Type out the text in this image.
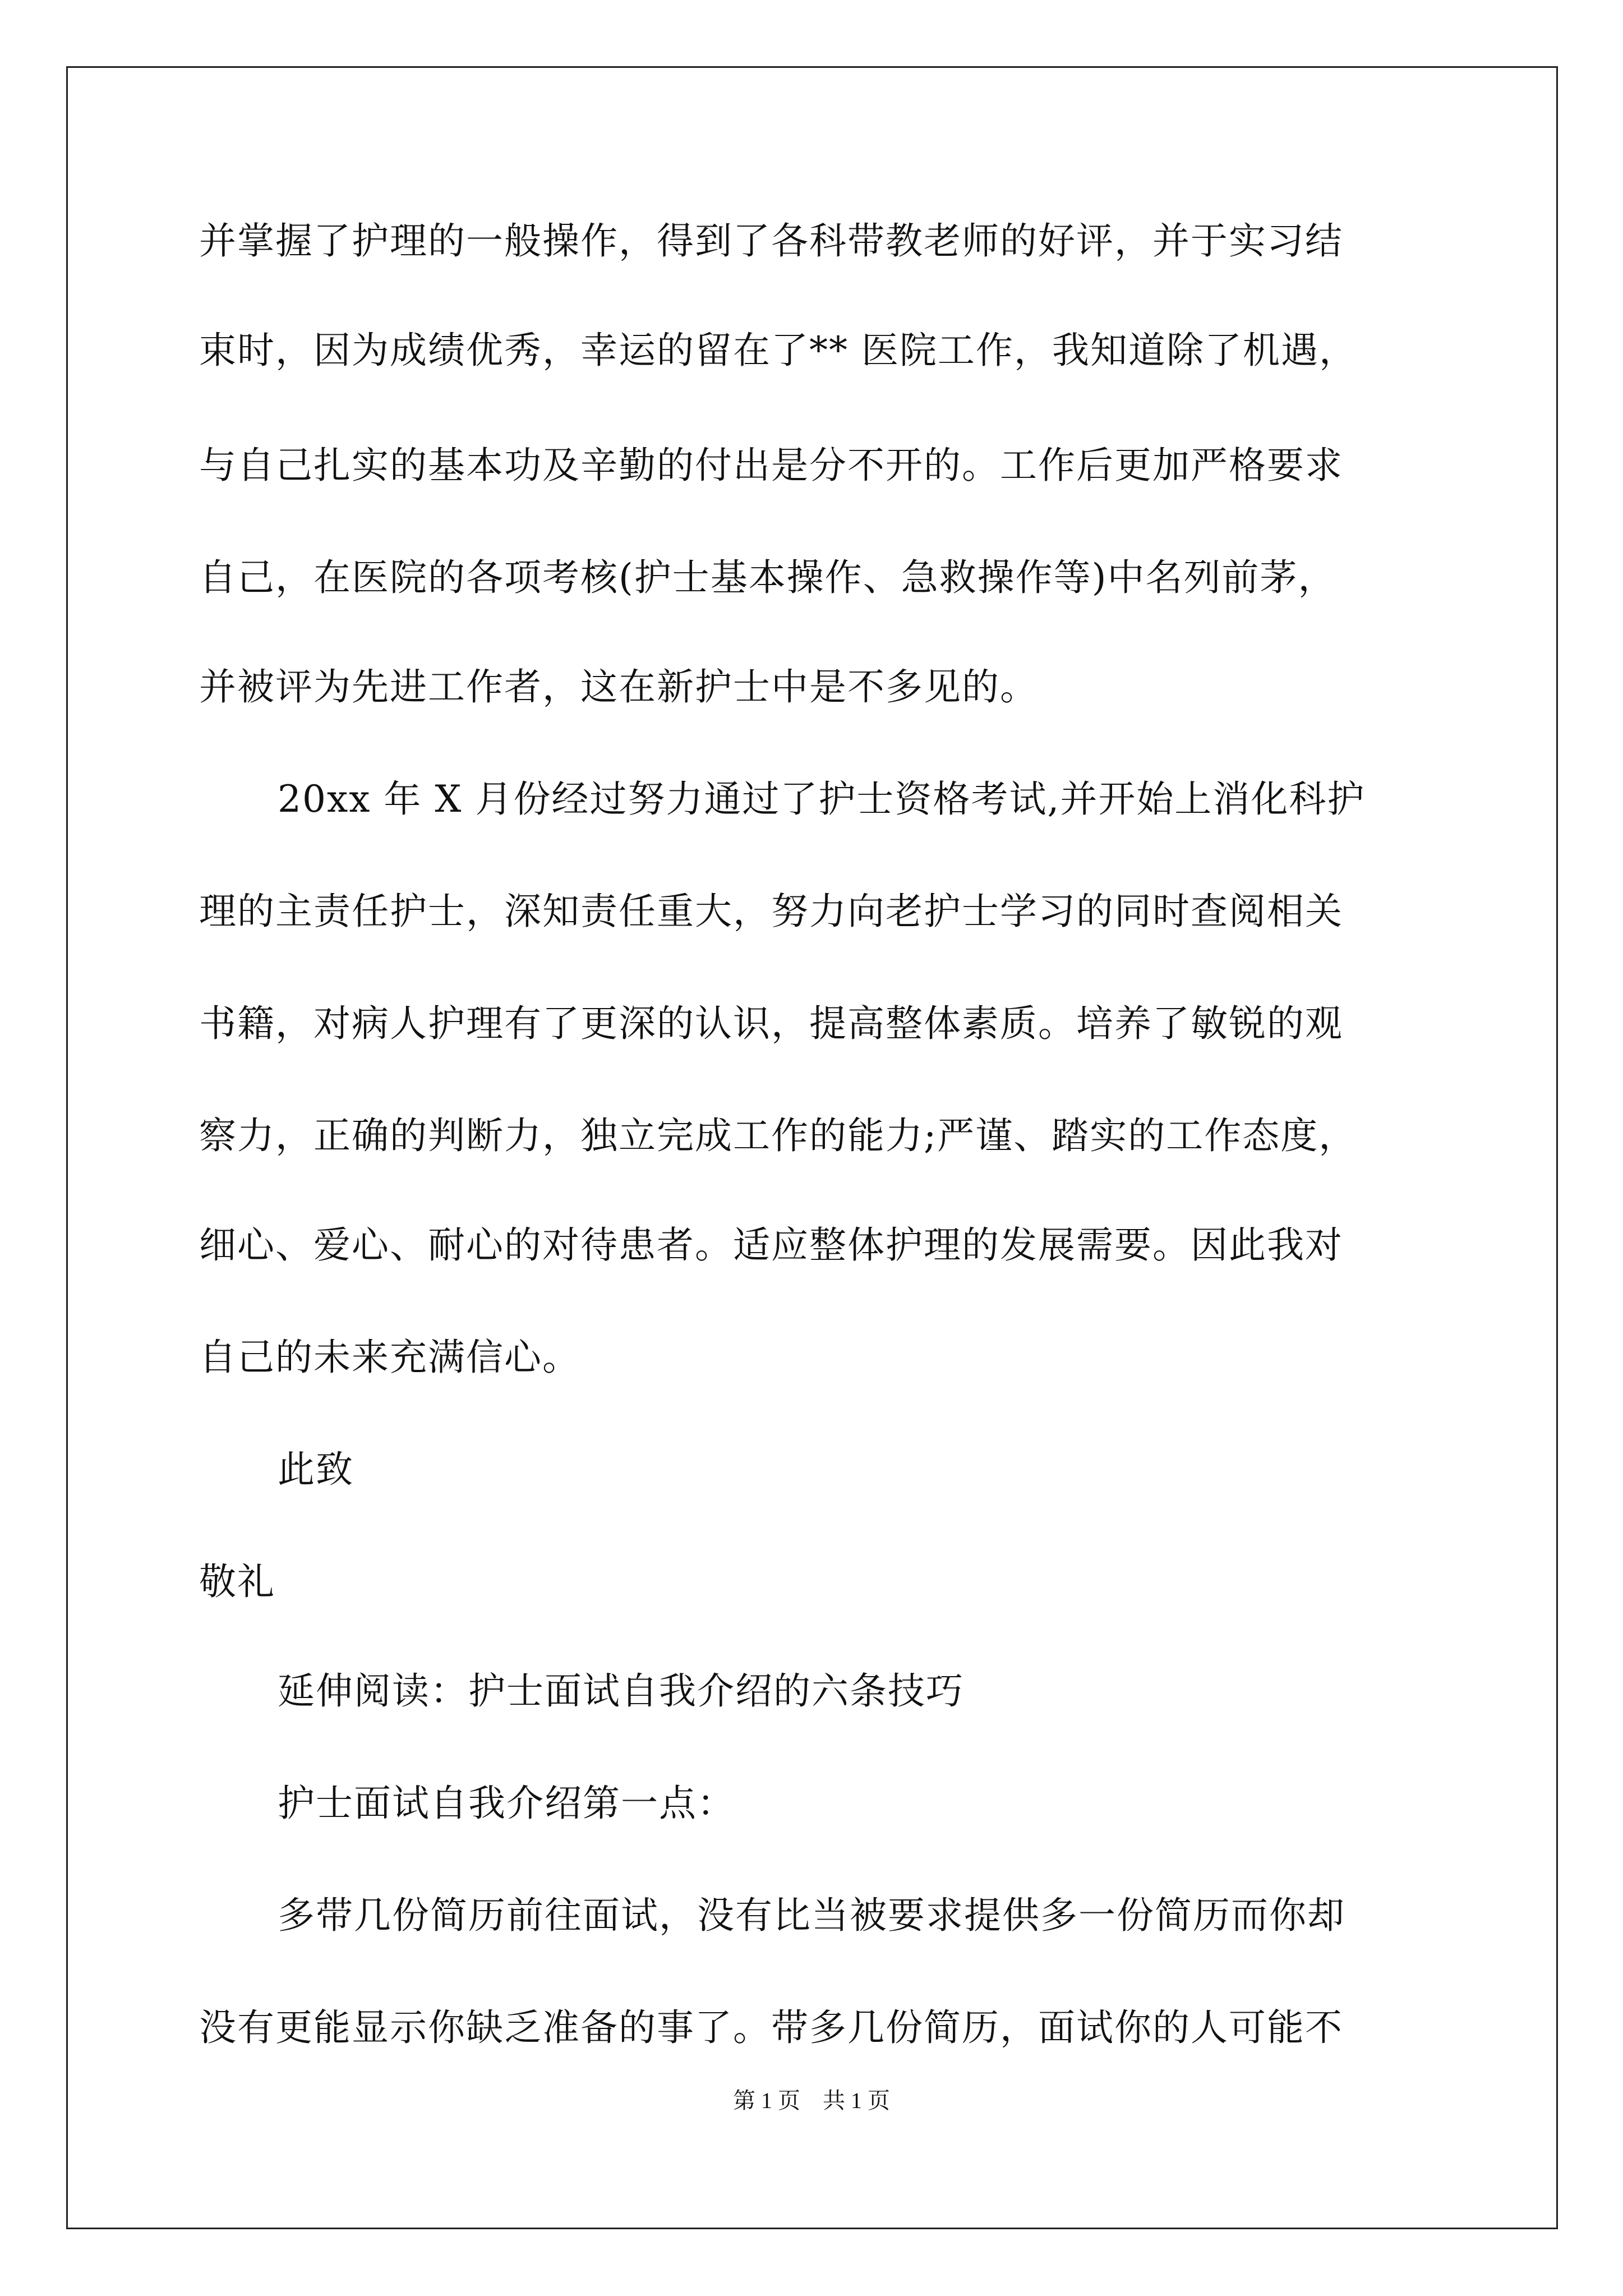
并掌握了护理的一般操作，得到了各科带教老师的好评，并于实习结
束时，因为成绩优秀，幸运的留在了** 医院工作，我知道除了机遇，
与自己扎实的基本功及辛勤的付出是分不开的。工作后更加严格要求
自己，在医院的各项考核(护士基本操作、急救操作等)中名列前茅，
并被评为先进工作者，这在新护士中是不多见的。
20xx 年 X 月份经过努力通过了护士资格考试,并开始上消化科护
理的主责任护士，深知责任重大，努力向老护士学习的同时查阅相关
书籍，对病人护理有了更深的认识，提高整体素质。培养了敏锐的观
察力，正确的判断力，独立完成工作的能力;严谨、踏实的工作态度，
细心、爱心、耐心的对待患者。适应整体护理的发展需要。因此我对
自己的未来充满信心。
此致
敬礼
延伸阅读：护士面试自我介绍的六条技巧
护士面试自我介绍第一点：
多带几份简历前往面试，没有比当被要求提供多一份简历而你却
没有更能显示你缺乏准备的事了。带多几份简历，面试你的人可能不
第 1 页　共 1 页
